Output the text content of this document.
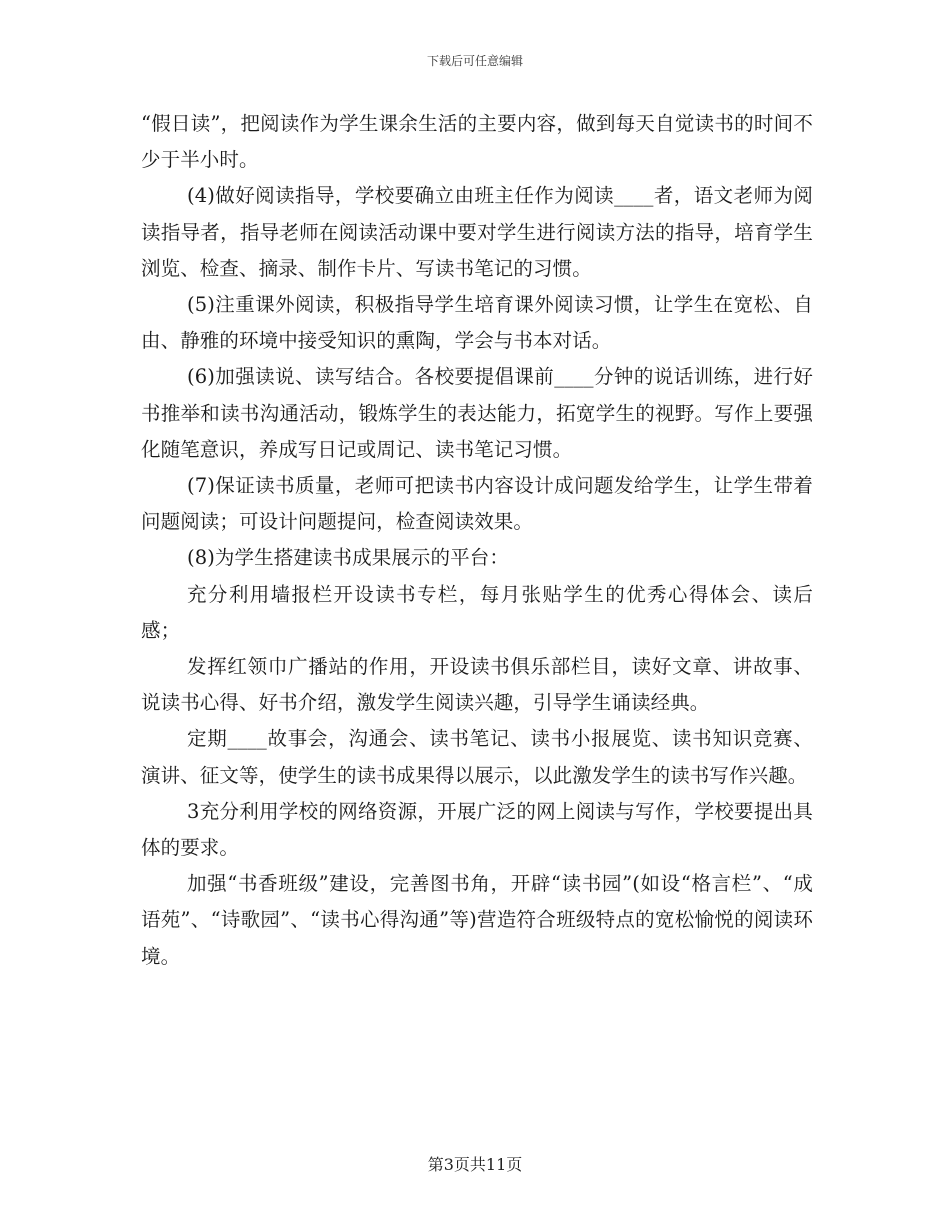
下载后可任意编辑

“假日读”，把阅读作为学生课余生活的主要内容，做到每天自觉读书的时间不少于半小时。

(4)做好阅读指导，学校要确立由班主任作为阅读____者，语文老师为阅读指导者，指导老师在阅读活动课中要对学生进行阅读方法的指导，培育学生浏览、检查、摘录、制作卡片、写读书笔记的习惯。

(5)注重课外阅读，积极指导学生培育课外阅读习惯，让学生在宽松、自由、静雅的环境中接受知识的熏陶，学会与书本对话。

(6)加强读说、读写结合。各校要提倡课前____分钟的说话训练，进行好书推举和读书沟通活动，锻炼学生的表达能力，拓宽学生的视野。写作上要强化随笔意识，养成写日记或周记、读书笔记习惯。

(7)保证读书质量，老师可把读书内容设计成问题发给学生，让学生带着问题阅读；可设计问题提问，检查阅读效果。

(8)为学生搭建读书成果展示的平台：

充分利用墙报栏开设读书专栏，每月张贴学生的优秀心得体会、读后感；

发挥红领巾广播站的作用，开设读书俱乐部栏目，读好文章、讲故事、说读书心得、好书介绍，激发学生阅读兴趣，引导学生诵读经典。

定期____故事会，沟通会、读书笔记、读书小报展览、读书知识竞赛、演讲、征文等，使学生的读书成果得以展示，以此激发学生的读书写作兴趣。

3充分利用学校的网络资源，开展广泛的网上阅读与写作，学校要提出具体的要求。

加强“书香班级”建设，完善图书角，开辟“读书园”(如设“格言栏”、“成语苑”、“诗歌园”、“读书心得沟通”等)营造符合班级特点的宽松愉悦的阅读环境。

第3页共11页
